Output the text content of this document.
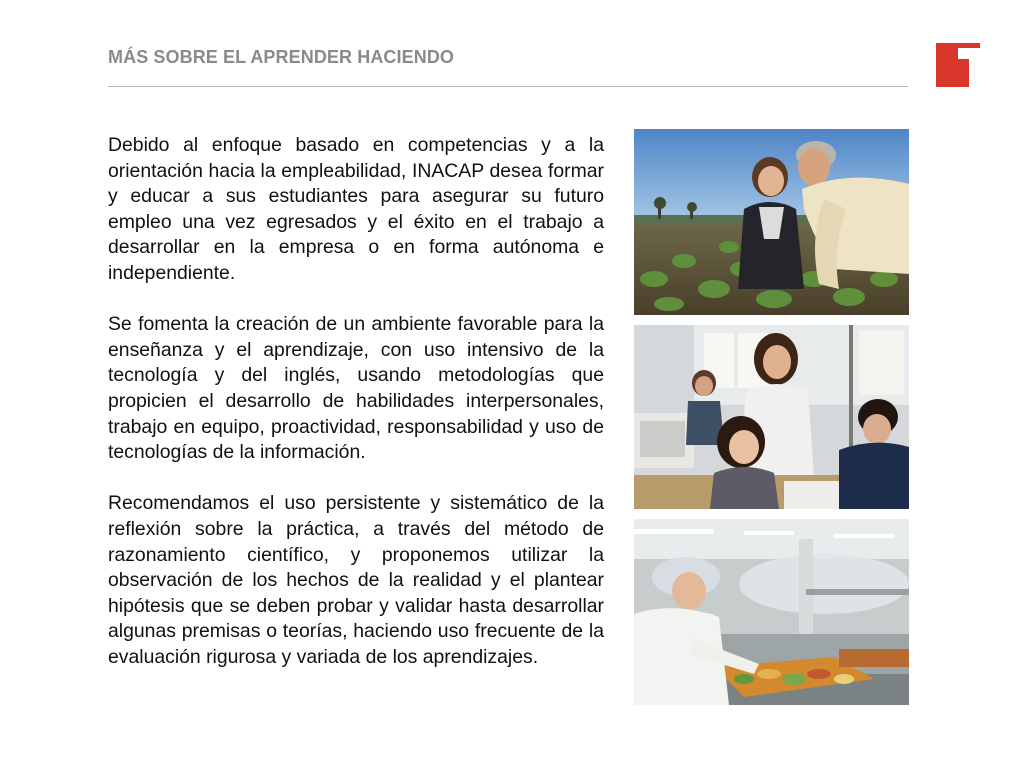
MÁS SOBRE EL APRENDER HACIENDO

Debido al enfoque basado en competencias y a la orientación hacia la empleabilidad, INACAP desea formar y educar a sus estudiantes para asegurar su futuro empleo una vez egresados y el éxito en el trabajo a desarrollar en la empresa o en forma autónoma e independiente.

Se fomenta la creación de un ambiente favorable para la enseñanza y el aprendizaje, con uso intensivo de la tecnología y del inglés, usando metodologías que propicien el desarrollo de habilidades interpersonales, trabajo en equipo, proactividad, responsabilidad y uso de tecnologías de la información.

Recomendamos el uso persistente y sistemático de la reflexión sobre la práctica, a través del método de razonamiento científico, y proponemos utilizar la observación de los hechos de la realidad y el plantear hipótesis que se deben probar y validar hasta desarrollar algunas premisas o teorías, haciendo uso frecuente de la evaluación rigurosa y variada de los aprendizajes.
